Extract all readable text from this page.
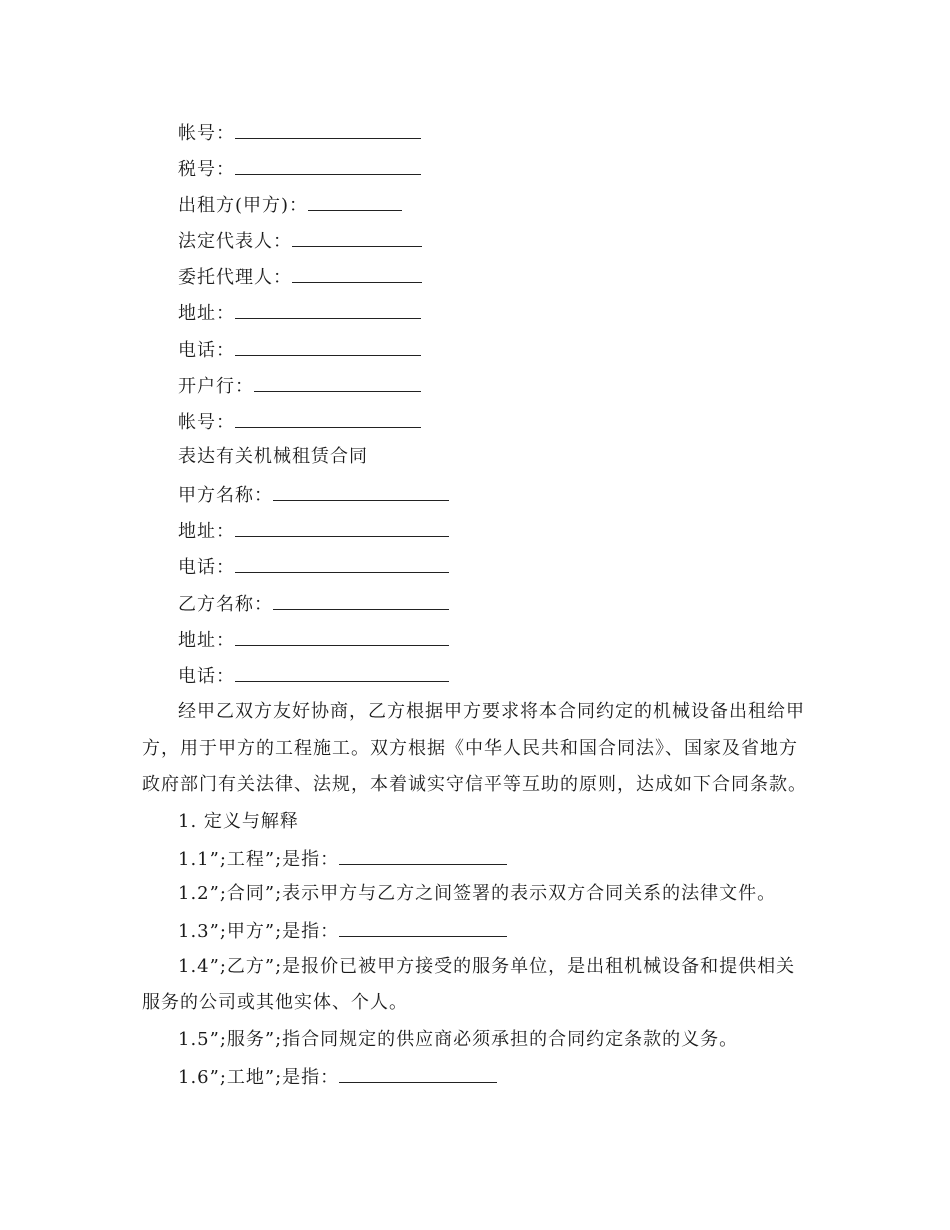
帐号：
税号：
出租方(甲方)：
法定代表人：
委托代理人：
地址：
电话：
开户行：
帐号：
表达有关机械租赁合同
甲方名称：
地址：
电话：
乙方名称：
地址：
电话：
经甲乙双方友好协商，乙方根据甲方要求将本合同约定的机械设备出租给甲
方，用于甲方的工程施工。双方根据《中华人民共和国合同法》、国家及省地方
政府部门有关法律、法规，本着诚实守信平等互助的原则，达成如下合同条款。
1. 定义与解释
1.1”;工程”;是指：
1.2”;合同”;表示甲方与乙方之间签署的表示双方合同关系的法律文件。
1.3”;甲方”;是指：
1.4”;乙方”;是报价已被甲方接受的服务单位，是出租机械设备和提供相关
服务的公司或其他实体、个人。
1.5”;服务”;指合同规定的供应商必须承担的合同约定条款的义务。
1.6”;工地”;是指：
